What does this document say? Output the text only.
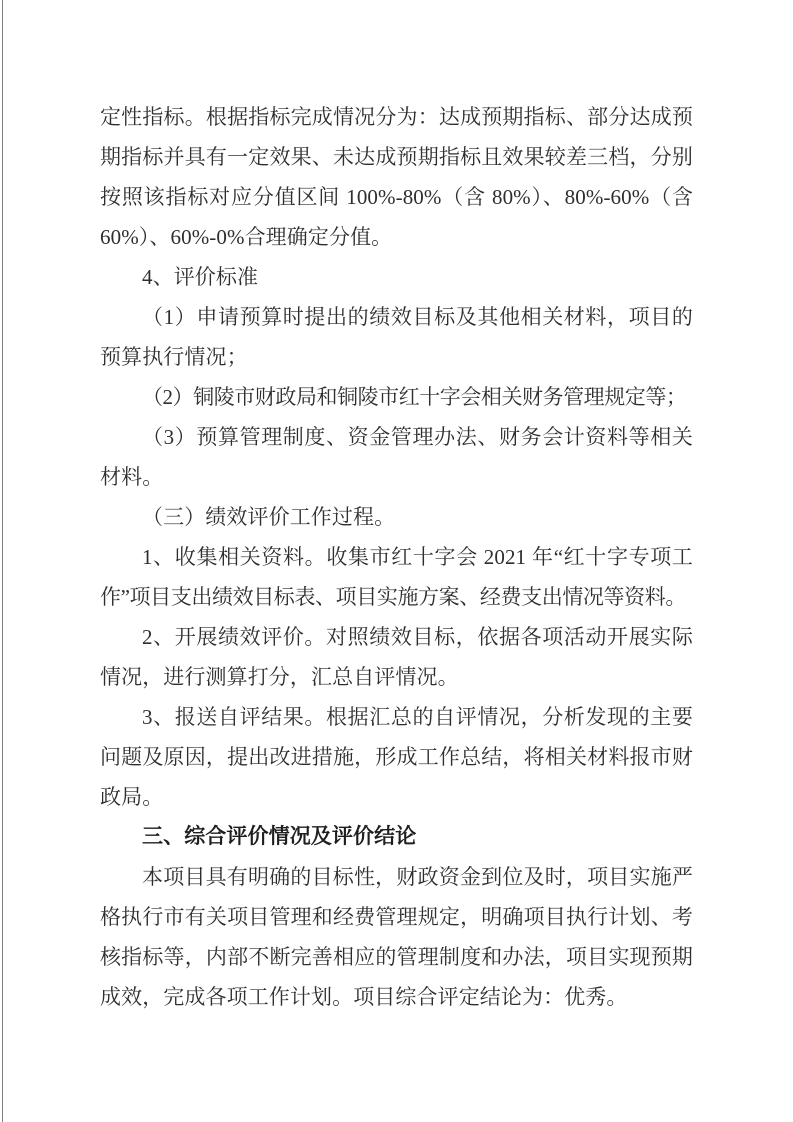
定性指标。根据指标完成情况分为：达成预期指标、部分达成预
期指标并具有一定效果、未达成预期指标且效果较差三档，分别
按照该指标对应分值区间 100%-80%（含 80%）、80%-60%（含
60%）、60%-0%合理确定分值。
4、评价标准
（1）申请预算时提出的绩效目标及其他相关材料，项目的
预算执行情况；
（2）铜陵市财政局和铜陵市红十字会相关财务管理规定等；
（3）预算管理制度、资金管理办法、财务会计资料等相关
材料。
（三）绩效评价工作过程。
1、收集相关资料。收集市红十字会 2021 年“红十字专项工
作”项目支出绩效目标表、项目实施方案、经费支出情况等资料。
2、开展绩效评价。对照绩效目标，依据各项活动开展实际
情况，进行测算打分，汇总自评情况。
3、报送自评结果。根据汇总的自评情况，分析发现的主要
问题及原因，提出改进措施，形成工作总结，将相关材料报市财
政局。
三、综合评价情况及评价结论
本项目具有明确的目标性，财政资金到位及时，项目实施严
格执行市有关项目管理和经费管理规定，明确项目执行计划、考
核指标等，内部不断完善相应的管理制度和办法，项目实现预期
成效，完成各项工作计划。项目综合评定结论为：优秀。
